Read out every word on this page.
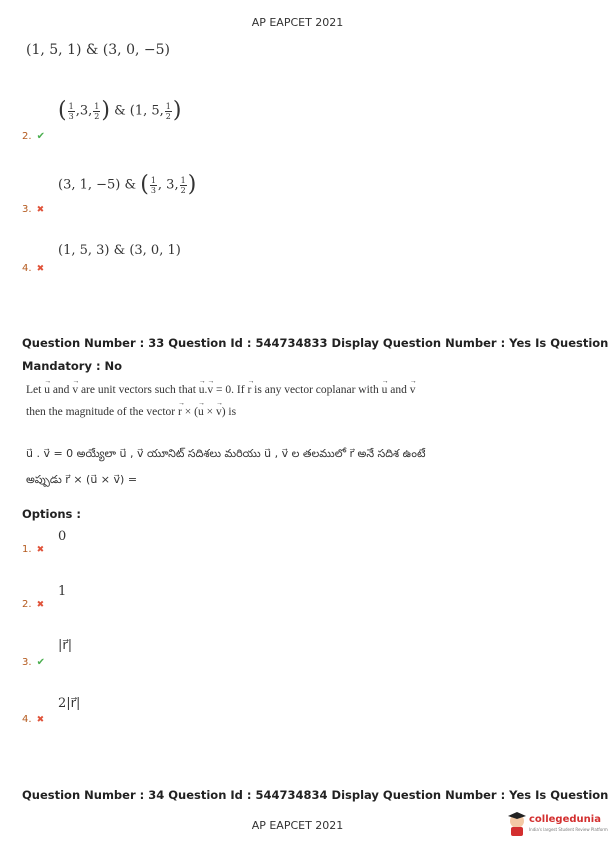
AP EAPCET 2021
(1, 5, 1) & (3, 0, −5)
2. ✔
( $\frac{1}{3} ,3$, $\frac{1}{2}$ ) & (1, 5, $\frac{1}{2}$ )
3. ✖
(3, 1, −5) & ( $\frac{1}{3}$ , 3, $\frac{1}{2}$ )
4. ✖
(1, 5, 3) & (3, 0, 1)
Question Number : 33 Question Id : 544734833 Display Question Number : Yes Is Question
Mandatory : No
Let → u and → v are unit vectors such that → u.→ v = 0. If → r is any vector coplanar with → u and → v
then the magnitude of the vector → r × (→ u × → v) is
u⃗ . v⃗ = 0 అయ్యేలా u⃗ , v⃗ యూనిట్ సదిశలు మరియు u⃗ , v⃗ ల తలములో r⃗ అనే సదిశ ఉంటే
అప్పుడు r⃗ × (u⃗ × v⃗) =
Options :
1. ✖
0
2. ✖
1
3. ✔
|r⃗|
4. ✖
2|r⃗|
Question Number : 34 Question Id : 544734834 Display Question Number : Yes Is Question
AP EAPCET 2021	collegedunia
India's largest Student Review Platform
